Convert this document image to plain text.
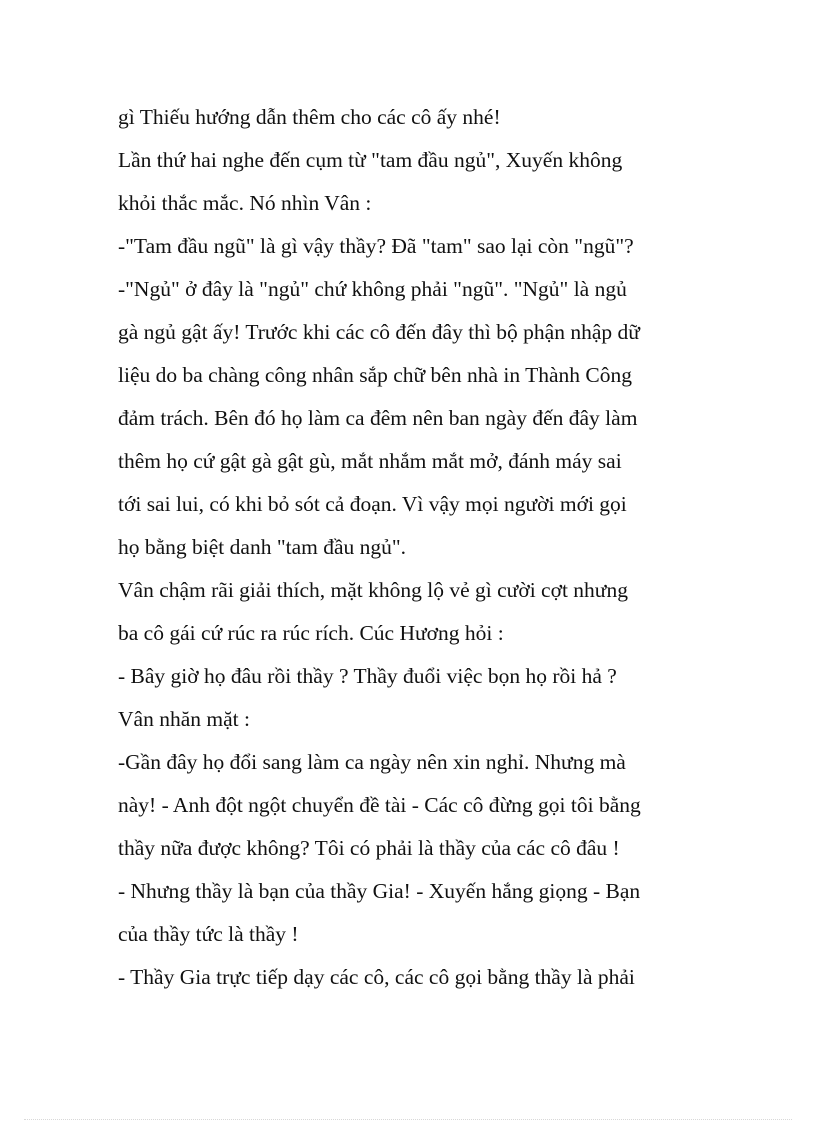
gì Thiếu hướng dẫn thêm cho các cô ấy nhé!
Lần thứ hai nghe đến cụm từ "tam đầu ngủ", Xuyến không
khỏi thắc mắc. Nó nhìn Vân :
-"Tam đầu ngũ" là gì vậy thầy? Đã "tam" sao lại còn "ngũ"?
-"Ngủ" ở đây là "ngủ" chứ không phải "ngũ". "Ngủ" là ngủ
gà ngủ gật ấy! Trước khi các cô đến đây thì bộ phận nhập dữ
liệu do ba chàng công nhân sắp chữ bên nhà in Thành Công
đảm trách. Bên đó họ làm ca đêm nên ban ngày đến đây làm
thêm họ cứ gật gà gật gù, mắt nhắm mắt mở, đánh máy sai
tới sai lui, có khi bỏ sót cả đoạn. Vì vậy mọi người mới gọi
họ bằng biệt danh "tam đầu ngủ".
Vân chậm rãi giải thích, mặt không lộ vẻ gì cười cợt nhưng
ba cô gái cứ rúc ra rúc rích. Cúc Hương hỏi :
- Bây giờ họ đâu rồi thầy ? Thầy đuổi việc bọn họ rồi hả ?
Vân nhăn mặt :
-Gần đây họ đổi sang làm ca ngày nên xin nghỉ. Nhưng mà
này! - Anh đột ngột chuyển đề tài - Các cô đừng gọi tôi bằng
thầy nữa được không? Tôi có phải là thầy của các cô đâu !
- Nhưng thầy là bạn của thầy Gia! - Xuyến hắng giọng - Bạn
của thầy tức là thầy !
- Thầy Gia trực tiếp dạy các cô, các cô gọi bằng thầy là phải
